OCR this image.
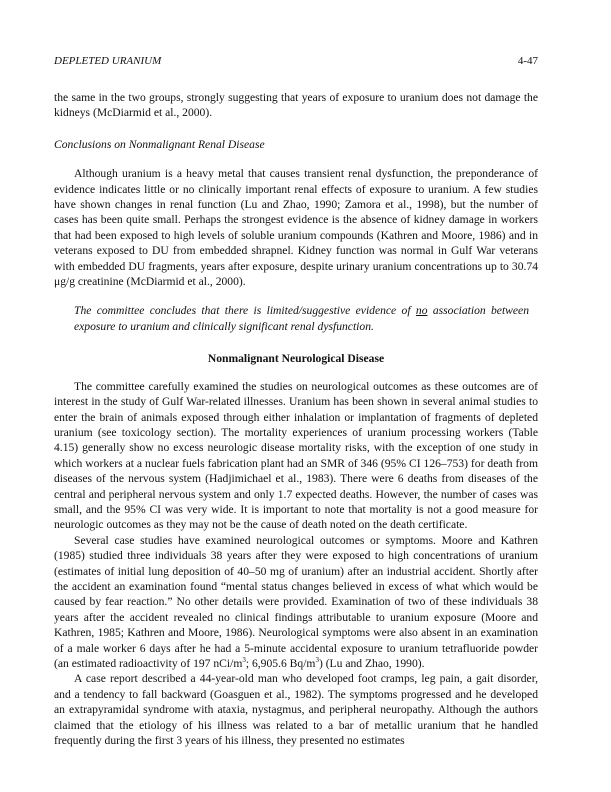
DEPLETED URANIUM	4-47

the same in the two groups, strongly suggesting that years of exposure to uranium does not damage the kidneys (McDiarmid et al., 2000).

Conclusions on Nonmalignant Renal Disease

Although uranium is a heavy metal that causes transient renal dysfunction, the preponderance of evidence indicates little or no clinically important renal effects of exposure to uranium. A few studies have shown changes in renal function (Lu and Zhao, 1990; Zamora et al., 1998), but the number of cases has been quite small. Perhaps the strongest evidence is the absence of kidney damage in workers that had been exposed to high levels of soluble uranium compounds (Kathren and Moore, 1986) and in veterans exposed to DU from embedded shrapnel. Kidney function was normal in Gulf War veterans with embedded DU fragments, years after exposure, despite urinary uranium concentrations up to 30.74 μg/g creatinine (McDiarmid et al., 2000).

The committee concludes that there is limited/suggestive evidence of no association between exposure to uranium and clinically significant renal dysfunction.

Nonmalignant Neurological Disease

The committee carefully examined the studies on neurological outcomes as these outcomes are of interest in the study of Gulf War-related illnesses. Uranium has been shown in several animal studies to enter the brain of animals exposed through either inhalation or implantation of fragments of depleted uranium (see toxicology section). The mortality experiences of uranium processing workers (Table 4.15) generally show no excess neurologic disease mortality risks, with the exception of one study in which workers at a nuclear fuels fabrication plant had an SMR of 346 (95% CI 126–753) for death from diseases of the nervous system (Hadjimichael et al., 1983). There were 6 deaths from diseases of the central and peripheral nervous system and only 1.7 expected deaths. However, the number of cases was small, and the 95% CI was very wide. It is important to note that mortality is not a good measure for neurologic outcomes as they may not be the cause of death noted on the death certificate.

Several case studies have examined neurological outcomes or symptoms. Moore and Kathren (1985) studied three individuals 38 years after they were exposed to high concentrations of uranium (estimates of initial lung deposition of 40–50 mg of uranium) after an industrial accident. Shortly after the accident an examination found “mental status changes believed in excess of what which would be caused by fear reaction.” No other details were provided. Examination of two of these individuals 38 years after the accident revealed no clinical findings attributable to uranium exposure (Moore and Kathren, 1985; Kathren and Moore, 1986). Neurological symptoms were also absent in an examination of a male worker 6 days after he had a 5-minute accidental exposure to uranium tetrafluoride powder (an estimated radioactivity of 197 nCi/$m^3$; 6,905.6 $Bq/m^3$) (Lu and Zhao, 1990).

A case report described a 44-year-old man who developed foot cramps, leg pain, a gait disorder, and a tendency to fall backward (Goasguen et al., 1982). The symptoms progressed and he developed an extrapyramidal syndrome with ataxia, nystagmus, and peripheral neuropathy. Although the authors claimed that the etiology of his illness was related to a bar of metallic uranium that he handled frequently during the first 3 years of his illness, they presented no estimates
